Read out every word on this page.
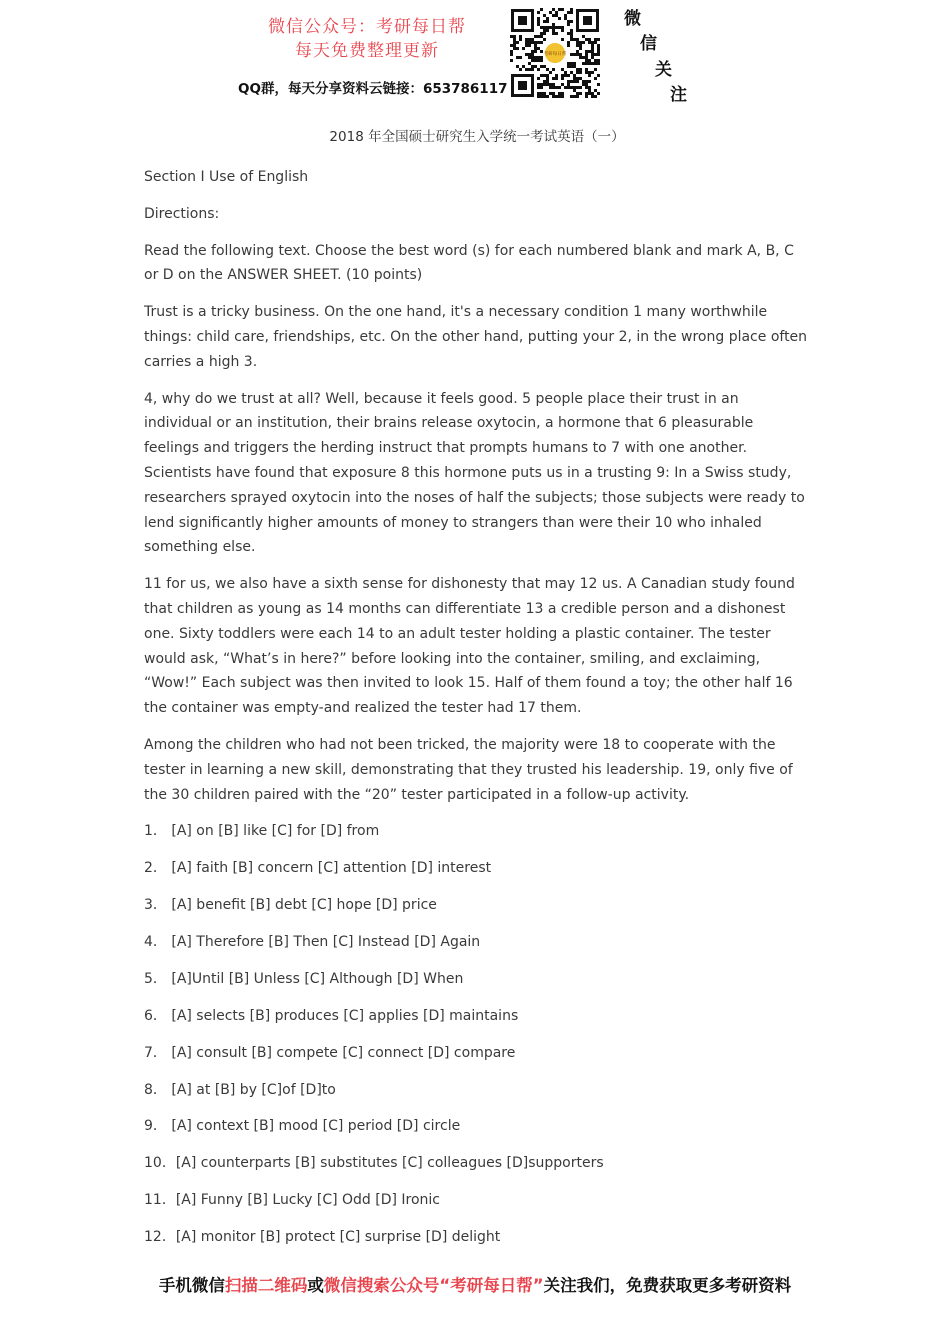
微信公众号：考研每日帮
每天免费整理更新
QQ群，每天分享资料云链接：653786117
考研每日帮
微
信
关
注
2018 年全国硕士研究生入学统一考试英语（一）

Section I Use of English

Directions:

Read the following text. Choose the best word (s) for each numbered blank and mark A, B, C or D on the ANSWER SHEET. (10 points)

Trust is a tricky business. On the one hand, it's a necessary condition 1 many worthwhile things: child care, friendships, etc. On the other hand, putting your 2, in the wrong place often carries a high 3.

4, why do we trust at all? Well, because it feels good. 5 people place their trust in an individual or an institution, their brains release oxytocin, a hormone that 6 pleasurable feelings and triggers the herding instruct that prompts humans to 7 with one another. Scientists have found that exposure 8 this hormone puts us in a trusting 9: In a Swiss study, researchers sprayed oxytocin into the noses of half the subjects; those subjects were ready to lend significantly higher amounts of money to strangers than were their 10 who inhaled something else.

11 for us, we also have a sixth sense for dishonesty that may 12 us. A Canadian study found that children as young as 14 months can differentiate 13 a credible person and a dishonest one. Sixty toddlers were each 14 to an adult tester holding a plastic container. The tester would ask, “What’s in here?” before looking into the container, smiling, and exclaiming, “Wow!” Each subject was then invited to look 15. Half of them found a toy; the other half 16 the container was empty-and realized the tester had 17 them.

Among the children who had not been tricked, the majority were 18 to cooperate with the tester in learning a new skill, demonstrating that they trusted his leadership. 19, only five of the 30 children paired with the “20” tester participated in a follow-up activity.

1． [A] on [B] like [C] for [D] from

2． [A] faith [B] concern [C] attention [D] interest

3． [A] benefit [B] debt [C] hope [D] price

4． [A] Therefore [B] Then [C] Instead [D] Again

5． [A]Until [B] Unless [C] Although [D] When

6． [A] selects [B] produces [C] applies [D] maintains

7． [A] consult [B] compete [C] connect [D] compare

8． [A] at [B] by [C]of [D]to

9． [A] context [B] mood [C] period [D] circle

10．[A] counterparts [B] substitutes [C] colleagues [D]supporters

11．[A] Funny [B] Lucky [C] Odd [D] Ironic

12．[A] monitor [B] protect [C] surprise [D] delight

手机微信扫描二维码或微信搜索公众号“考研每日帮”关注我们，免费获取更多考研资料
